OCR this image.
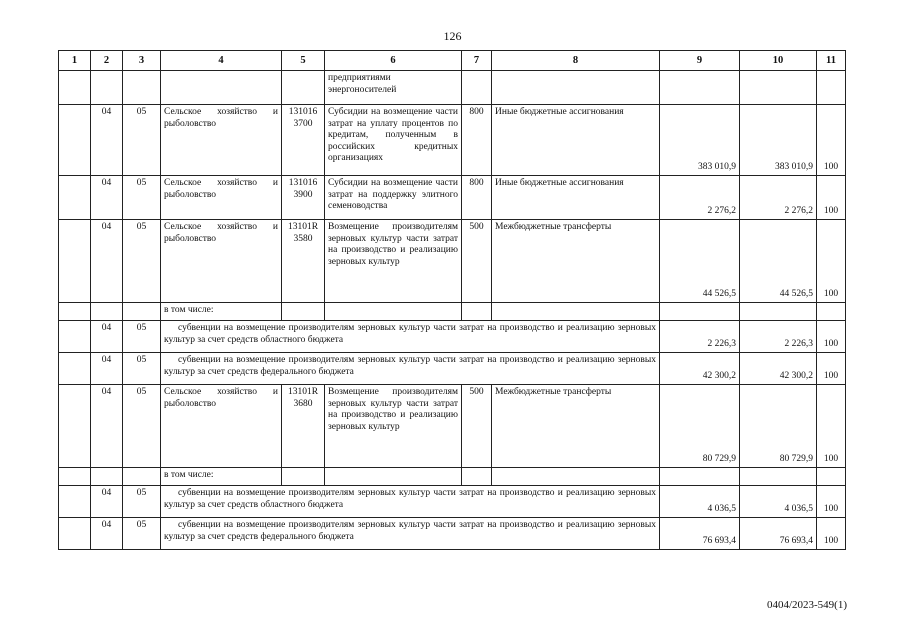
126
1	2	3	4	5	6	7	8	9	10	11
					предприятиями энергоносителей					
	04	05	Сельское хозяйство и рыболовство	131016 3700	Субсидии на возмещение части затрат на уплату процентов по кредитам, полученным в российских кредитных организациях	800	Иные бюджетные ассигнования	383 010,9	383 010,9	100
	04	05	Сельское хозяйство и рыболовство	131016 3900	Субсидии на возмещение части затрат на поддержку элитного семеноводства	800	Иные бюджетные ассигнования	2 276,2	2 276,2	100
	04	05	Сельское хозяйство и рыболовство	13101R 3580	Возмещение производителям зерновых культур части затрат на производство и реализацию зерновых культур	500	Межбюджетные трансферты	44 526,5	44 526,5	100
			в том числе:							
	04	05	субвенции на возмещение производителям зерновых культур части затрат на производство и реализацию зерновых культур за счет средств областного бюджета					2 226,3	2 226,3	100
	04	05	субвенции на возмещение производителям зерновых культур части затрат на производство и реализацию зерновых культур за счет средств федерального бюджета					42 300,2	42 300,2	100
	04	05	Сельское хозяйство и рыболовство	13101R 3680	Возмещение производителям зерновых культур части затрат на производство и реализацию зерновых культур	500	Межбюджетные трансферты	80 729,9	80 729,9	100
			в том числе:							
	04	05	субвенции на возмещение производителям зерновых культур части затрат на производство и реализацию зерновых культур за счет средств областного бюджета					4 036,5	4 036,5	100
	04	05	субвенции на возмещение производителям зерновых культур части затрат на производство и реализацию зерновых культур за счет средств федерального бюджета					76 693,4	76 693,4	100
0404/2023-549(1)
